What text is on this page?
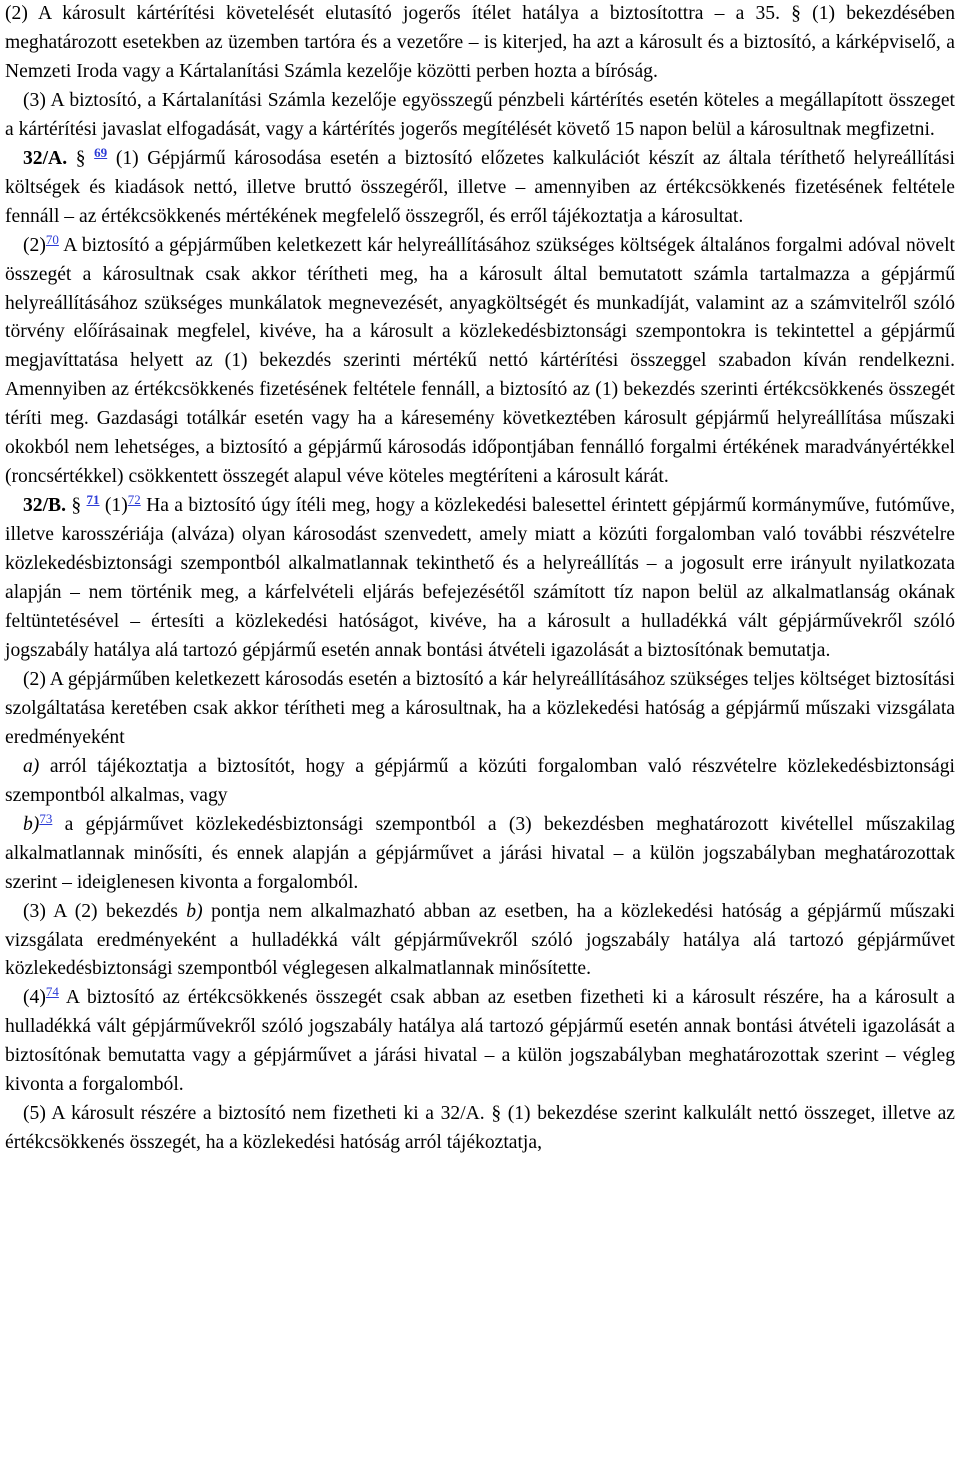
(2) A károsult kártérítési követelését elutasító jogerős ítélet hatálya a biztosítottra – a 35. § (1) bekezdésében meghatározott esetekben az üzemben tartóra és a vezetőre – is kiterjed, ha azt a károsult és a biztosító, a kárképviselő, a Nemzeti Iroda vagy a Kártalanítási Számla kezelője közötti perben hozta a bíróság.

(3) A biztosító, a Kártalanítási Számla kezelője egyösszegű pénzbeli kártérítés esetén köteles a megállapított összeget a kártérítési javaslat elfogadását, vagy a kártérítés jogerős megítélését követő 15 napon belül a károsultnak megfizetni.

32/A. § $^{69}$ (1) Gépjármű károsodása esetén a biztosító előzetes kalkulációt készít az általa téríthető helyreállítási költségek és kiadások nettó, illetve bruttó összegéről, illetve – amennyiben az értékcsökkenés fizetésének feltétele fennáll – az értékcsökkenés mértékének megfelelő összegről, és erről tájékoztatja a károsultat.

(2)$^{70}$ A biztosító a gépjárműben keletkezett kár helyreállításához szükséges költségek általános forgalmi adóval növelt összegét a károsultnak csak akkor térítheti meg, ha a károsult által bemutatott számla tartalmazza a gépjármű helyreállításához szükséges munkálatok megnevezését, anyagköltségét és munkadíját, valamint az a számvitelről szóló törvény előírásainak megfelel, kivéve, ha a károsult a közlekedésbiztonsági szempontokra is tekintettel a gépjármű megjavíttatása helyett az (1) bekezdés szerinti mértékű nettó kártérítési összeggel szabadon kíván rendelkezni. Amennyiben az értékcsökkenés fizetésének feltétele fennáll, a biztosító az (1) bekezdés szerinti értékcsökkenés összegét téríti meg. Gazdasági totálkár esetén vagy ha a káresemény következtében károsult gépjármű helyreállítása műszaki okokból nem lehetséges, a biztosító a gépjármű károsodás időpontjában fennálló forgalmi értékének maradványértékkel (roncsértékkel) csökkentett összegét alapul véve köteles megtéríteni a károsult kárát.

32/B. § $^{71}$ (1)$^{72}$ Ha a biztosító úgy ítéli meg, hogy a közlekedési balesettel érintett gépjármű kormányműve, futóműve, illetve karosszériája (alváza) olyan károsodást szenvedett, amely miatt a közúti forgalomban való további részvételre közlekedésbiztonsági szempontból alkalmatlannak tekinthető és a helyreállítás – a jogosult erre irányult nyilatkozata alapján – nem történik meg, a kárfelvételi eljárás befejezésétől számított tíz napon belül az alkalmatlanság okának feltüntetésével – értesíti a közlekedési hatóságot, kivéve, ha a károsult a hulladékká vált gépjárművekről szóló jogszabály hatálya alá tartozó gépjármű esetén annak bontási átvételi igazolását a biztosítónak bemutatja.

(2) A gépjárműben keletkezett károsodás esetén a biztosító a kár helyreállításához szükséges teljes költséget biztosítási szolgáltatása keretében csak akkor térítheti meg a károsultnak, ha a közlekedési hatóság a gépjármű műszaki vizsgálata eredményeként

a) arról tájékoztatja a biztosítót, hogy a gépjármű a közúti forgalomban való részvételre közlekedésbiztonsági szempontból alkalmas, vagy

b)$^{73}$ a gépjárművet közlekedésbiztonsági szempontból a (3) bekezdésben meghatározott kivétellel műszakilag alkalmatlannak minősíti, és ennek alapján a gépjárművet a járási hivatal – a külön jogszabályban meghatározottak szerint – ideiglenesen kivonta a forgalomból.

(3) A (2) bekezdés b) pontja nem alkalmazható abban az esetben, ha a közlekedési hatóság a gépjármű műszaki vizsgálata eredményeként a hulladékká vált gépjárművekről szóló jogszabály hatálya alá tartozó gépjárművet közlekedésbiztonsági szempontból véglegesen alkalmatlannak minősítette.

(4)$^{74}$ A biztosító az értékcsökkenés összegét csak abban az esetben fizetheti ki a károsult részére, ha a károsult a hulladékká vált gépjárművekről szóló jogszabály hatálya alá tartozó gépjármű esetén annak bontási átvételi igazolását a biztosítónak bemutatta vagy a gépjárművet a járási hivatal – a külön jogszabályban meghatározottak szerint – végleg kivonta a forgalomból.

(5) A károsult részére a biztosító nem fizetheti ki a 32/A. § (1) bekezdése szerint kalkulált nettó összeget, illetve az értékcsökkenés összegét, ha a közlekedési hatóság arról tájékoztatja,
